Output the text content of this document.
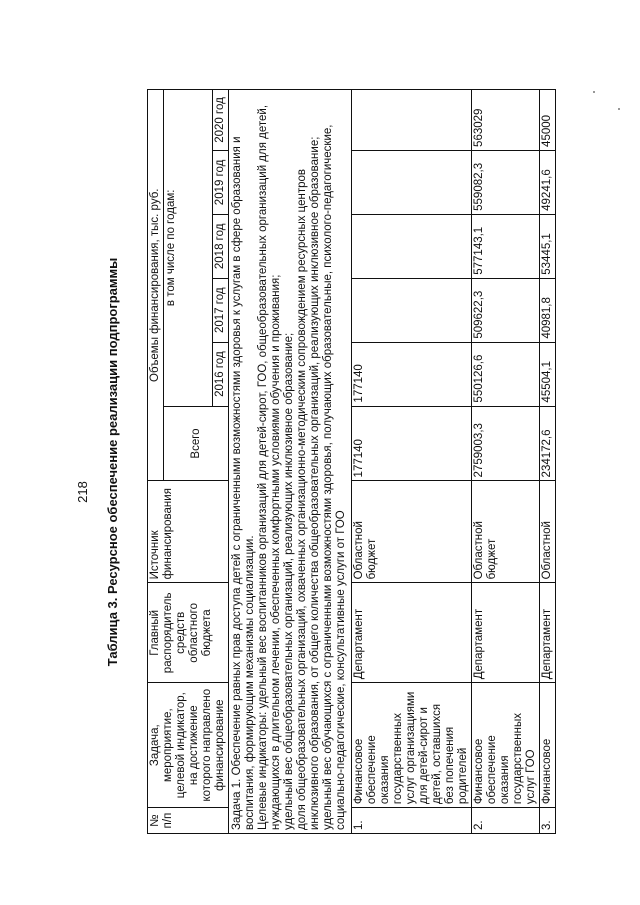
218 Таблица 3. Ресурсное обеспечение реализации подпрограммы
№ п/п	Задача, мероприятие, целевой индикатор, на достижение которого направлено финансирование	Главный распорядитель средств областного бюджета	Источник финансирования	Объемы финансирования, тыс. руб.					
				Всего	в том числе по годам:				
					2016 год	2017 год	2018 год	2019 год	2020 год

Задача 1. Обеспечение равных прав доступа детей с ограниченными возможностями здоровья к услугам в сфере образования и воспитания, формирующим механизмы социализации. Целевые индикаторы: удельный вес воспитанников организаций для детей-сирот, ГОО, общеобразовательных организаций для детей, нуждающихся в длительном лечении, обеспеченных комфортными условиями обучения и проживания; удельный вес общеобразовательных организаций, реализующих инклюзивное образование; доля общеобразовательных организаций, охваченных организационно-методическим сопровождением ресурсных центров инклюзивного образования, от общего количества общеобразовательных организаций, реализующих инклюзивное образование; удельный вес обучающихся с ограниченными возможностями здоровья, получающих образовательные, психолого-педагогические, социально-педагогические, консультативные услуги от ГОО									

1.	Финансовое обеспечение оказания государственных услуг организациями для детей-сирот и детей, оставшихся без попечения родителей	Департамент	Областной бюджет	177140	177140				
2.	Финансовое обеспечение оказания государственных услуг ГОО	Департамент	Областной бюджет	2759003,3	550126,6	509622,3	577143,1	559082,3	563029
3.	Финансовое	Департамент	Областной	234172,6	45504,1	40981,8	53445,1	49241,6	45000
